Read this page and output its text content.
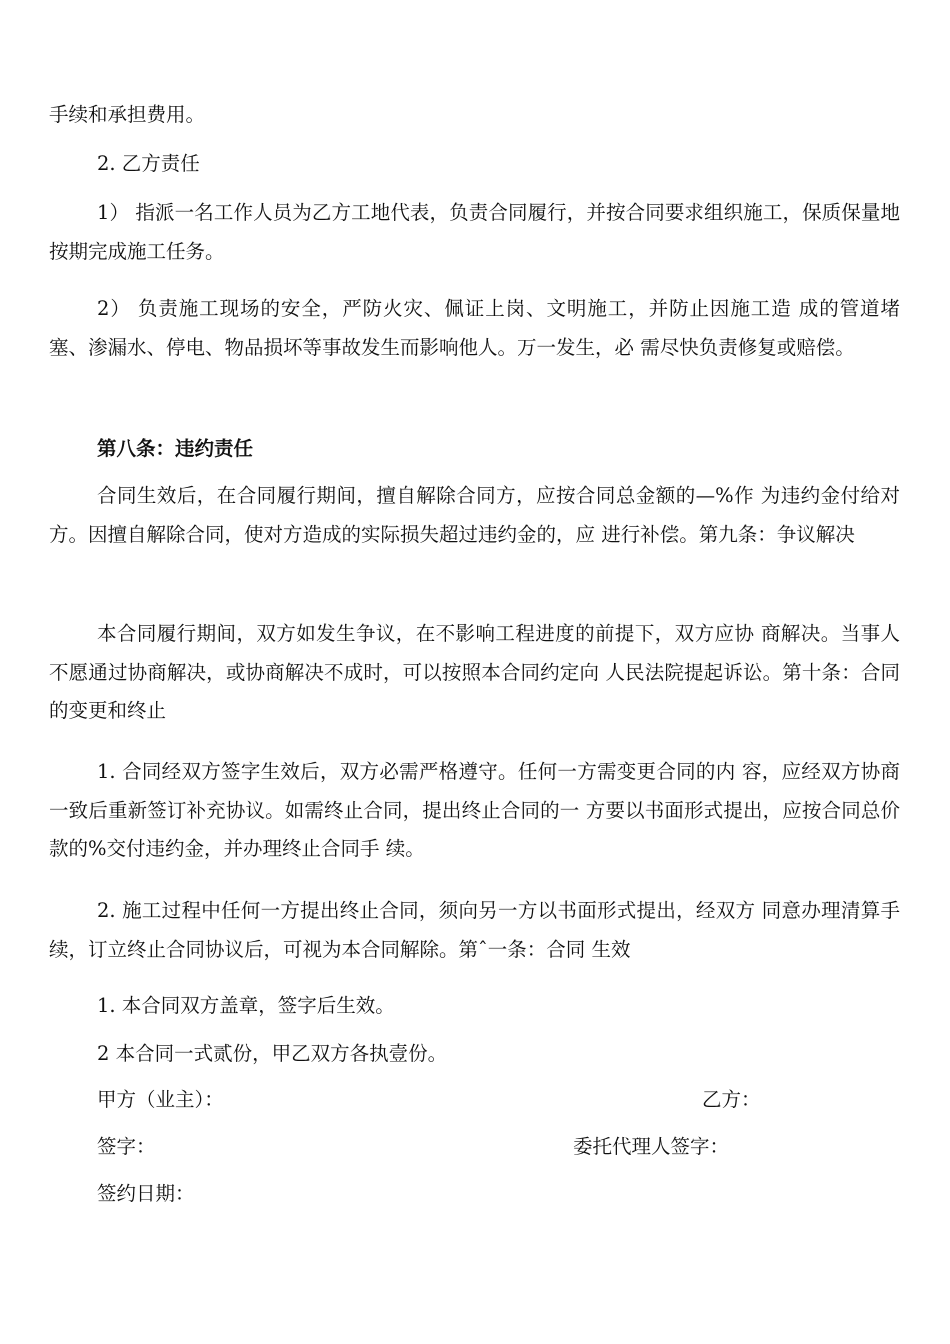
手续和承担费用。

2. 乙方责任

1） 指派一名工作人员为乙方工地代表，负责合同履行，并按合同要求组织施工，保质保量地按期完成施工任务。

2） 负责施工现场的安全，严防火灾、佩证上岗、文明施工，并防止因施工造 成的管道堵塞、渗漏水、停电、物品损坏等事故发生而影响他人。万一发生，必 需尽快负责修复或赔偿。

第八条：违约责任

合同生效后，在合同履行期间，擅自解除合同方，应按合同总金额的—%作 为违约金付给对方。因擅自解除合同，使对方造成的实际损失超过违约金的，应 进行补偿。第九条：争议解决

本合同履行期间，双方如发生争议，在不影响工程进度的前提下，双方应协 商解决。当事人不愿通过协商解决，或协商解决不成时，可以按照本合同约定向 人民法院提起诉讼。第十条：合同的变更和终止

1. 合同经双方签字生效后，双方必需严格遵守。任何一方需变更合同的内 容，应经双方协商一致后重新签订补充协议。如需终止合同，提出终止合同的一 方要以书面形式提出，应按合同总价款的%交付违约金，并办理终止合同手 续。

2. 施工过程中任何一方提出终止合同，须向另一方以书面形式提出，经双方 同意办理清算手续，订立终止合同协议后，可视为本合同解除。第ˆ一条：合同 生效

1. 本合同双方盖章，签字后生效。

2 本合同一式贰份，甲乙双方各执壹份。

甲方（业主）：	乙方：
签字：	委托代理人签字：
签约日期：
